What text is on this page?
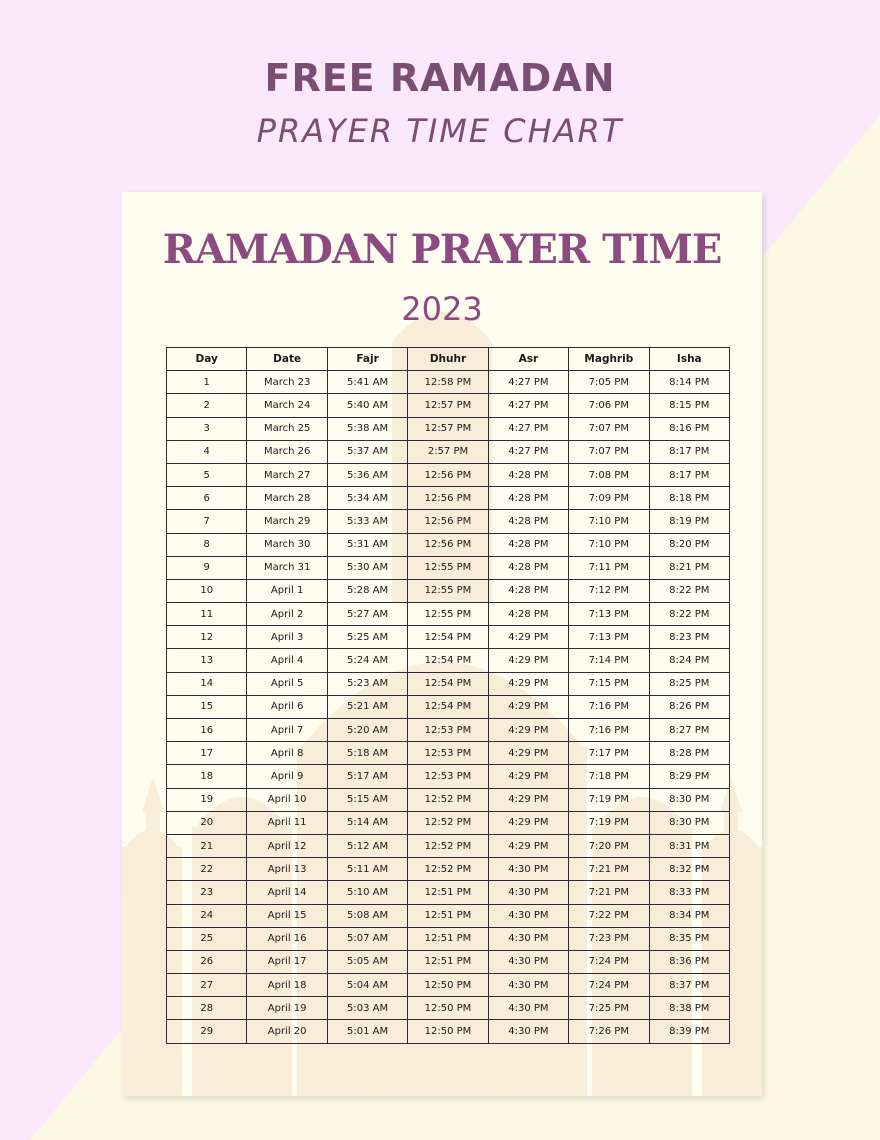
FREE RAMADAN
PRAYER TIME CHART
RAMADAN PRAYER TIME
2023
Day	Date	Fajr	Dhuhr	Asr	Maghrib	Isha
1	March 23	5:41 AM	12:58 PM	4:27 PM	7:05 PM	8:14 PM
2	March 24	5:40 AM	12:57 PM	4:27 PM	7:06 PM	8:15 PM
3	March 25	5:38 AM	12:57 PM	4:27 PM	7:07 PM	8:16 PM
4	March 26	5:37 AM	2:57 PM	4:27 PM	7:07 PM	8:17 PM
5	March 27	5:36 AM	12:56 PM	4:28 PM	7:08 PM	8:17 PM
6	March 28	5:34 AM	12:56 PM	4:28 PM	7:09 PM	8:18 PM
7	March 29	5:33 AM	12:56 PM	4:28 PM	7:10 PM	8:19 PM
8	March 30	5:31 AM	12:56 PM	4:28 PM	7:10 PM	8:20 PM
9	March 31	5:30 AM	12:55 PM	4:28 PM	7:11 PM	8:21 PM
10	April 1	5:28 AM	12:55 PM	4:28 PM	7:12 PM	8:22 PM
11	April 2	5:27 AM	12:55 PM	4:28 PM	7:13 PM	8:22 PM
12	April 3	5:25 AM	12:54 PM	4:29 PM	7:13 PM	8:23 PM
13	April 4	5:24 AM	12:54 PM	4:29 PM	7:14 PM	8:24 PM
14	April 5	5:23 AM	12:54 PM	4:29 PM	7:15 PM	8:25 PM
15	April 6	5:21 AM	12:54 PM	4:29 PM	7:16 PM	8:26 PM
16	April 7	5:20 AM	12:53 PM	4:29 PM	7:16 PM	8:27 PM
17	April 8	5:18 AM	12:53 PM	4:29 PM	7:17 PM	8:28 PM
18	April 9	5:17 AM	12:53 PM	4:29 PM	7:18 PM	8:29 PM
19	April 10	5:15 AM	12:52 PM	4:29 PM	7:19 PM	8:30 PM
20	April 11	5:14 AM	12:52 PM	4:29 PM	7:19 PM	8:30 PM
21	April 12	5:12 AM	12:52 PM	4:29 PM	7:20 PM	8:31 PM
22	April 13	5:11 AM	12:52 PM	4:30 PM	7:21 PM	8:32 PM
23	April 14	5:10 AM	12:51 PM	4:30 PM	7:21 PM	8:33 PM
24	April 15	5:08 AM	12:51 PM	4:30 PM	7:22 PM	8:34 PM
25	April 16	5:07 AM	12:51 PM	4:30 PM	7:23 PM	8:35 PM
26	April 17	5:05 AM	12:51 PM	4:30 PM	7:24 PM	8:36 PM
27	April 18	5:04 AM	12:50 PM	4:30 PM	7:24 PM	8:37 PM
28	April 19	5:03 AM	12:50 PM	4:30 PM	7:25 PM	8:38 PM
29	April 20	5:01 AM	12:50 PM	4:30 PM	7:26 PM	8:39 PM
